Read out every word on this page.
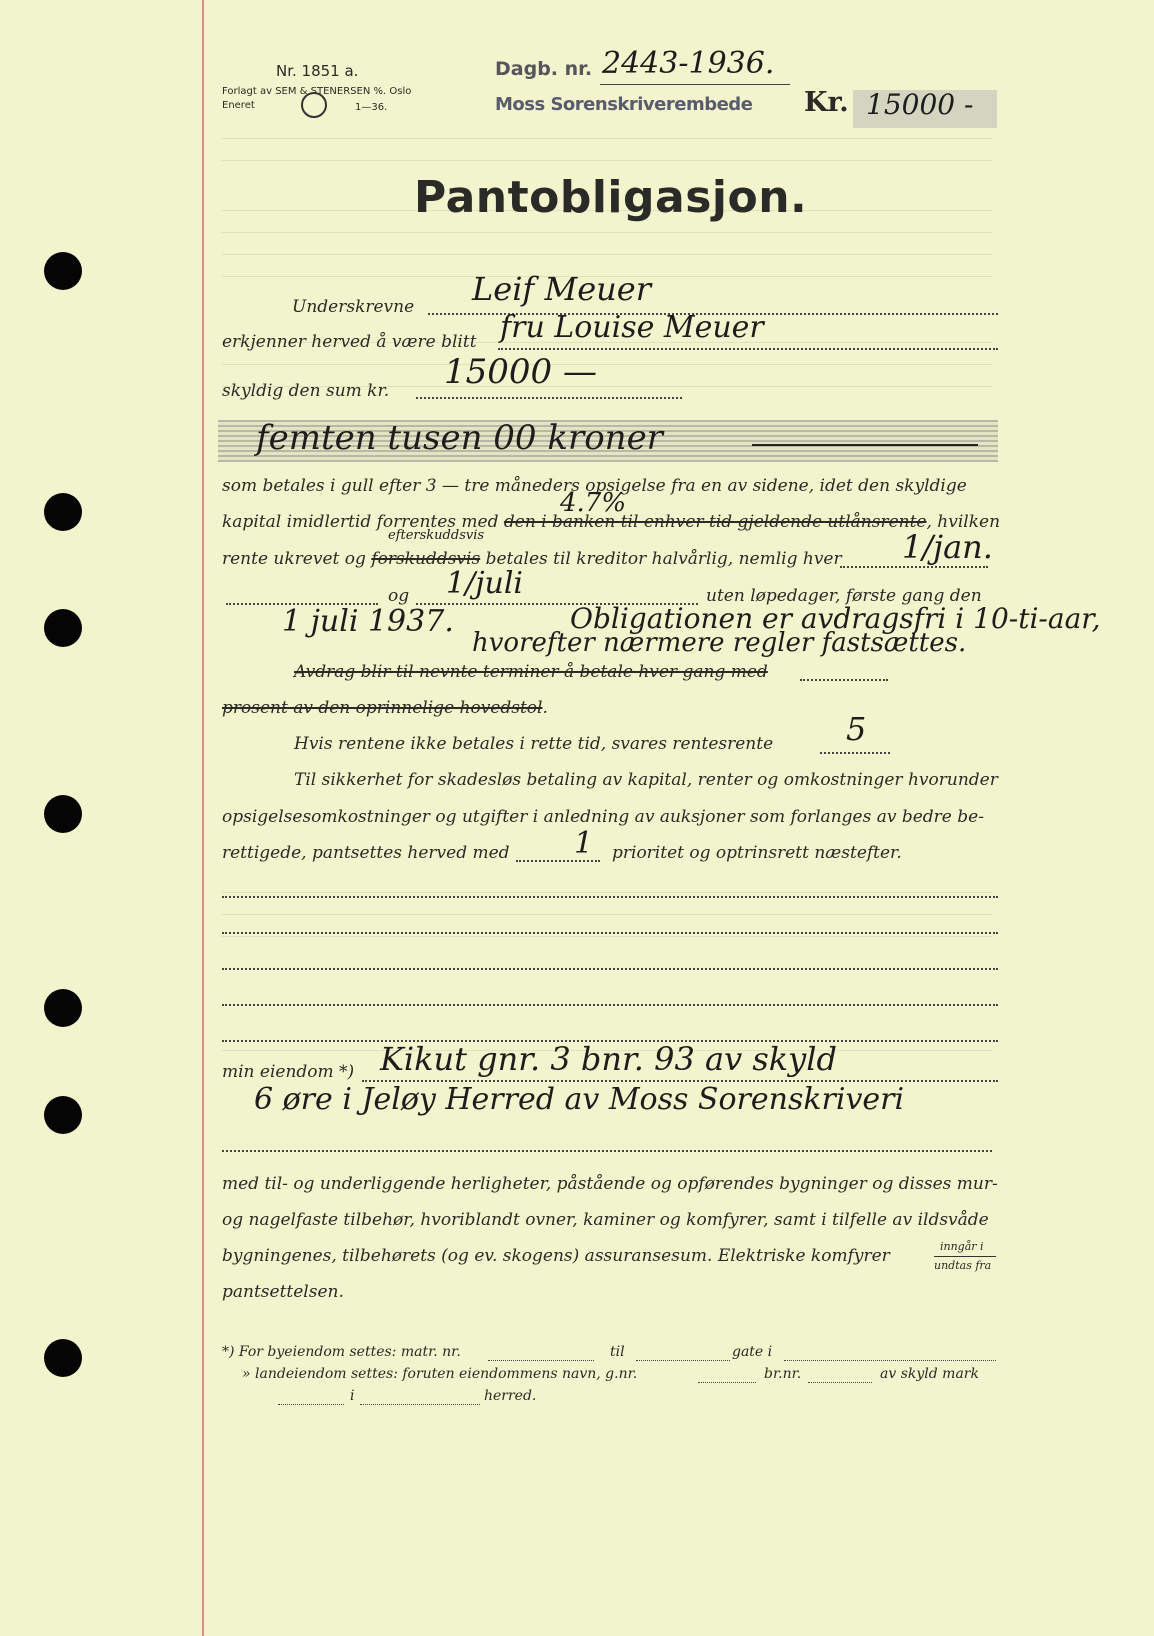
Nr. 1851 a.
Forlagt av SEM & STENERSEN %. Oslo
Eneret	1—36.
Dagb. nr. 2443-1936.
Moss Sorenskriverembede Kr. 15000 -
Pantobligasjon.
Underskrevne Leif Meuer
erkjenner herved å være blitt fru Louise Meuer
skyldig den sum kr. 15000 —
femten tusen 00 kroner
som betales i gull efter 3 — tre måneders opsigelse fra en av sidene, idet den skyldige
4.7%
kapital imidlertid forrentes med den i banken til enhver tid gjeldende utlånsrente, hvilken
efterskuddsvis
rente ukrevet og forskuddsvis betales til kreditor halvårlig, nemlig hver 1/jan.
og 1/juli	uten løpedager, første gang den
1 juli 1937.	Obligationen er avdragsfri i 10-ti-aar,
hvorefter nærmere regler fastsættes.
Avdrag blir til nevnte terminer å betale hver gang med
prosent av den oprinnelige hovedstol.
Hvis rentene ikke betales i rette tid, svares rentesrente 5
Til sikkerhet for skadesløs betaling av kapital, renter og omkostninger hvorunder
opsigelsesomkostninger og utgifter i anledning av auksjoner som forlanges av bedre be-
rettigede, pantsettes herved med 1 prioritet og optrinsrett næstefter.
min eiendom *) Kikut gnr. 3 bnr. 93 av skyld
6 øre i Jeløy Herred av Moss Sorenskriveri
med til- og underliggende herligheter, påstående og opførendes bygninger og disses mur-
og nagelfaste tilbehør, hvoriblandt ovner, kaminer og komfyrer, samt i tilfelle av ildsvåde
bygningenes, tilbehørets (og ev. skogens) assuransesum. Elektriske komfyrer	inngår i
undtas fra
pantsettelsen.
*) For byeiendom settes: matr. nr.	til	gate i
» landeiendom settes: foruten eiendommens navn, g.nr.	br.nr.	av skyld mark
i	herred.
